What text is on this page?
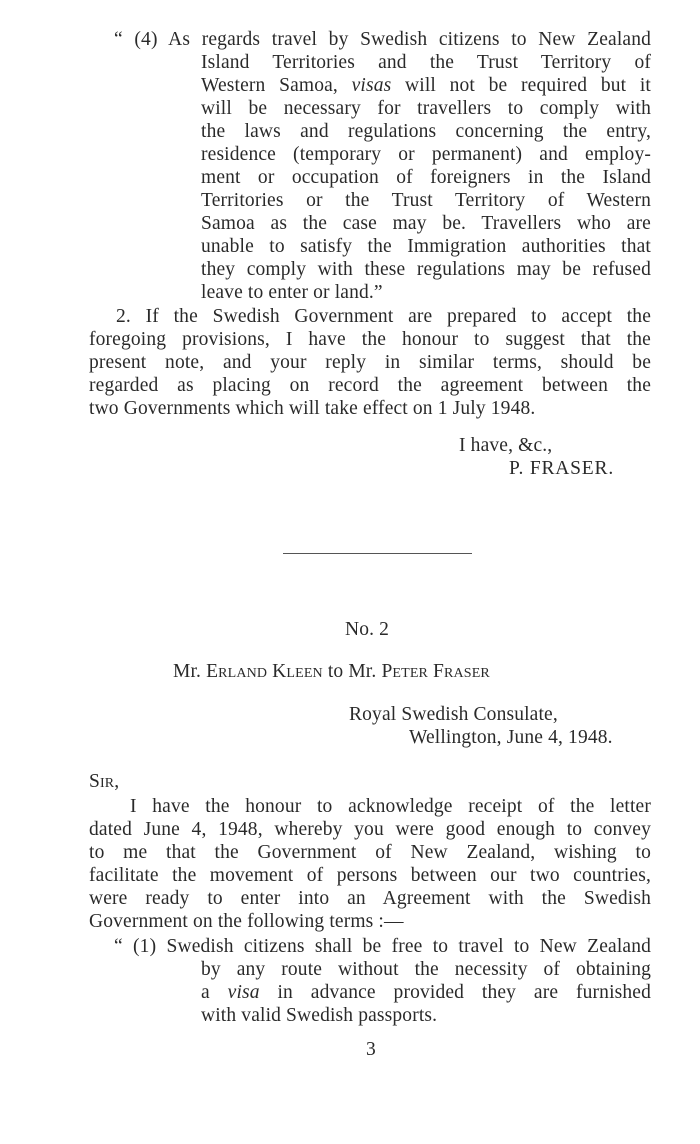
“ (4) As regards travel by Swedish citizens to New Zealand
Island Territories and the Trust Territory of
Western Samoa, visas will not be required but it
will be necessary for travellers to comply with
the laws and regulations concerning the entry,
residence (temporary or permanent) and employ-
ment or occupation of foreigners in the Island
Territories or the Trust Territory of Western
Samoa as the case may be. Travellers who are
unable to satisfy the Immigration authorities that
they comply with these regulations may be refused
leave to enter or land.”
2. If the Swedish Government are prepared to accept the
foregoing provisions, I have the honour to suggest that the
present note, and your reply in similar terms, should be
regarded as placing on record the agreement between the
two Governments which will take effect on 1 July 1948.
I have, &c.,
P. FRASER.
No. 2
Mr. Erland Kleen to Mr. Peter Fraser
Royal Swedish Consulate,
Wellington, June 4, 1948.
Sir,
I have the honour to acknowledge receipt of the letter
dated June 4, 1948, whereby you were good enough to convey
to me that the Government of New Zealand, wishing to
facilitate the movement of persons between our two countries,
were ready to enter into an Agreement with the Swedish
Government on the following terms :—
“ (1) Swedish citizens shall be free to travel to New Zealand
by any route without the necessity of obtaining
a visa in advance provided they are furnished
with valid Swedish passports.
3
